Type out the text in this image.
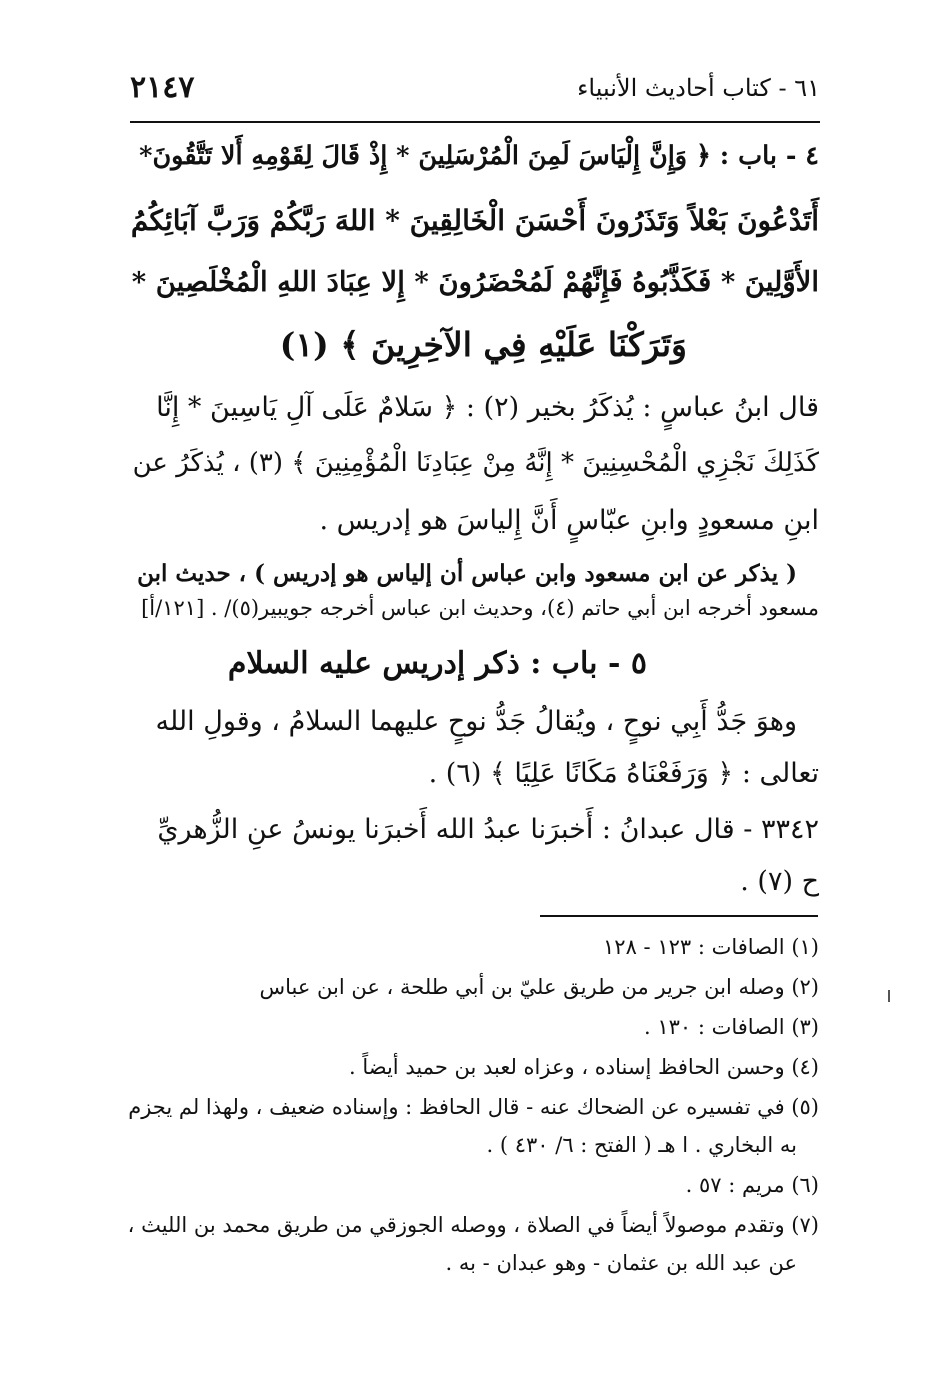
٦١ - كتاب أحاديث الأنبياء
٢١٤٧
٤ - باب : ﴿ وَإِنَّ إِلْيَاسَ لَمِنَ الْمُرْسَلِينَ * إِذْ قَالَ لِقَوْمِهِ أَلا تَتَّقُونَ*
أَتَدْعُونَ بَعْلاً وَتَذَرُونَ أَحْسَنَ الْخَالِقِينَ * اللهَ رَبَّكُمْ وَرَبَّ آبَائِكُمُ
الأَوَّلِينَ * فَكَذَّبُوهُ فَإِنَّهُمْ لَمُحْضَرُونَ * إِلا عِبَادَ اللهِ الْمُخْلَصِينَ *
وَتَرَكْنَا عَلَيْهِ فِي الآخِرِينَ ﴾ (١)
قال ابنُ عباسٍ : يُذكَرُ بخير (٢) : ﴿ سَلامٌ عَلَى آلِ يَاسِينَ * إِنَّا
كَذَلِكَ نَجْزِي الْمُحْسِنِينَ * إِنَّهُ مِنْ عِبَادِنَا الْمُؤْمِنِينَ ﴾ (٣) ، يُذكَرُ عن
ابنِ مسعودٍ وابنِ عبّاسٍ أَنَّ إِلياسَ هو إدريس .
( يذكر عن ابن مسعود وابن عباس أن إلياس هو إدريس ) ، حديث ابن
مسعود أخرجه ابن أبي حاتم (٤)، وحديث ابن عباس أخرجه جويبير(٥)/ . [١٢١/أ]
٥ - باب : ذكر إدريس عليه السلام
وهوَ جَدُّ أَبِي نوحٍ ، ويُقالُ جَدُّ نوحٍ عليهما السلامُ ، وقولِ الله
تعالى : ﴿ وَرَفَعْنَاهُ مَكَانًا عَلِيًا ﴾ (٦) .
٣٣٤٢ - قال عبدانُ : أَخبرَنا عبدُ الله أَخبرَنا يونسُ عنِ الزُّهريِّ
ح (٧) .
(١) الصافات : ١٢٣ - ١٢٨
(٢) وصله ابن جرير من طريق عليّ بن أبي طلحة ، عن ابن عباس
(٣) الصافات : ١٣٠ .
(٤) وحسن الحافظ إسناده ، وعزاه لعبد بن حميد أيضاً .
(٥) في تفسيره عن الضحاك عنه - قال الحافظ : وإسناده ضعيف ، ولهذا لم يجزم
به البخاري . ا هـ ( الفتح : ٦/ ٤٣٠ ) .
(٦) مريم : ٥٧ .
(٧) وتقدم موصولاً أيضاً في الصلاة ، ووصله الجوزقي من طريق محمد بن الليث ،
عن عبد الله بن عثمان - وهو عبدان - به .
